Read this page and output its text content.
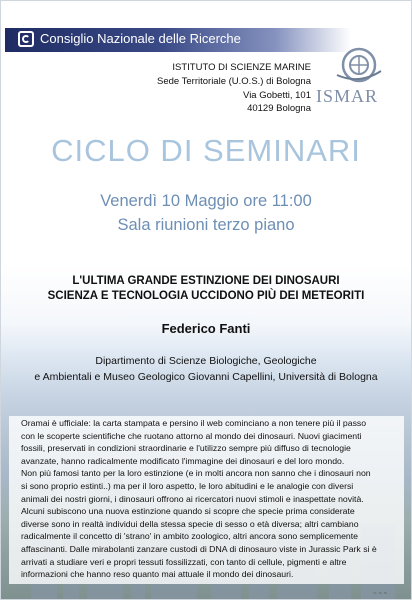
Consiglio Nazionale delle Ricerche
ISTITUTO DI SCIENZE MARINE
Sede Territoriale (U.O.S.) di Bologna
Via Gobetti, 101
40129 Bologna
ISMAR
CICLO DI SEMINARI
Venerdì 10 Maggio ore 11:00
Sala riunioni terzo piano
L'ULTIMA GRANDE ESTINZIONE DEI DINOSAURI
SCIENZA E TECNOLOGIA UCCIDONO PIÙ DEI METEORITI
Federico Fanti
Dipartimento di Scienze Biologiche, Geologiche
e Ambientali e Museo Geologico Giovanni Capellini, Università di Bologna
Oramai è ufficiale: la carta stampata e persino il web cominciano a non tenere più il passo
con le scoperte scientifiche che ruotano attorno al mondo dei dinosauri. Nuovi giacimenti
fossili, preservati in condizioni straordinarie e l'utilizzo sempre più diffuso di tecnologie
avanzate, hanno radicalmente modificato l'immagine dei dinosauri e del loro mondo.
Non più famosi tanto per la loro estinzione (e in molti ancora non sanno che i dinosauri non
si sono proprio estinti..) ma per il loro aspetto, le loro abitudini e le analogie con diversi
animali dei nostri giorni, i dinosauri offrono ai ricercatori nuovi stimoli e inaspettate novità.
Alcuni subiscono una nuova estinzione quando si scopre che specie prima considerate
diverse sono in realtà individui della stessa specie di sesso o età diversa; altri cambiano
radicalmente il concetto di 'strano' in ambito zoologico, altri ancora sono semplicemente
affascinanti. Dalle mirabolanti zanzare custodi di DNA di dinosauro viste in Jurassic Park si è
arrivati a studiare veri e propri tessuti fossilizzati, con tanto di cellule, pigmenti e altre
informazioni che hanno reso quanto mai attuale il mondo dei dinosauri.
~ ~ ~
